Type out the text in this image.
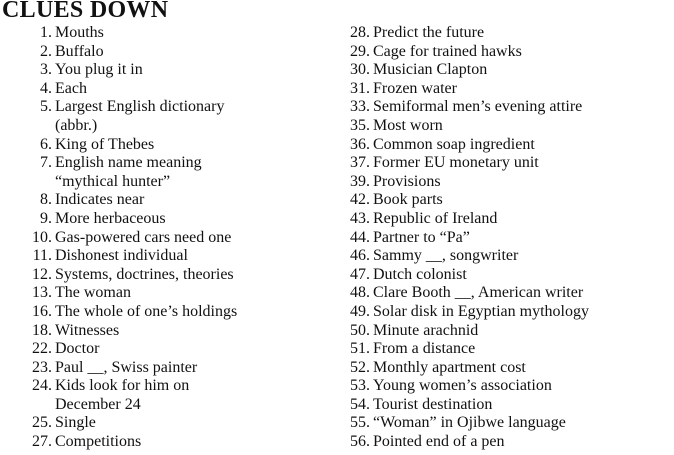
CLUES DOWN
1. Mouths
2. Buffalo
3. You plug it in
4. Each
5. Largest English dictionary
(abbr.)
6. King of Thebes
7. English name meaning
“mythical hunter”
8. Indicates near
9. More herbaceous
10. Gas-powered cars need one
11. Dishonest individual
12. Systems, doctrines, theories
13. The woman
16. The whole of one’s holdings
18. Witnesses
22. Doctor
23. Paul __, Swiss painter
24. Kids look for him on
December 24
25. Single
27. Competitions
28. Predict the future
29. Cage for trained hawks
30. Musician Clapton
31. Frozen water
33. Semiformal men’s evening attire
35. Most worn
36. Common soap ingredient
37. Former EU monetary unit
39. Provisions
42. Book parts
43. Republic of Ireland
44. Partner to “Pa”
46. Sammy __, songwriter
47. Dutch colonist
48. Clare Booth __, American writer
49. Solar disk in Egyptian mythology
50. Minute arachnid
51. From a distance
52. Monthly apartment cost
53. Young women’s association
54. Tourist destination
55. “Woman” in Ojibwe language
56. Pointed end of a pen
